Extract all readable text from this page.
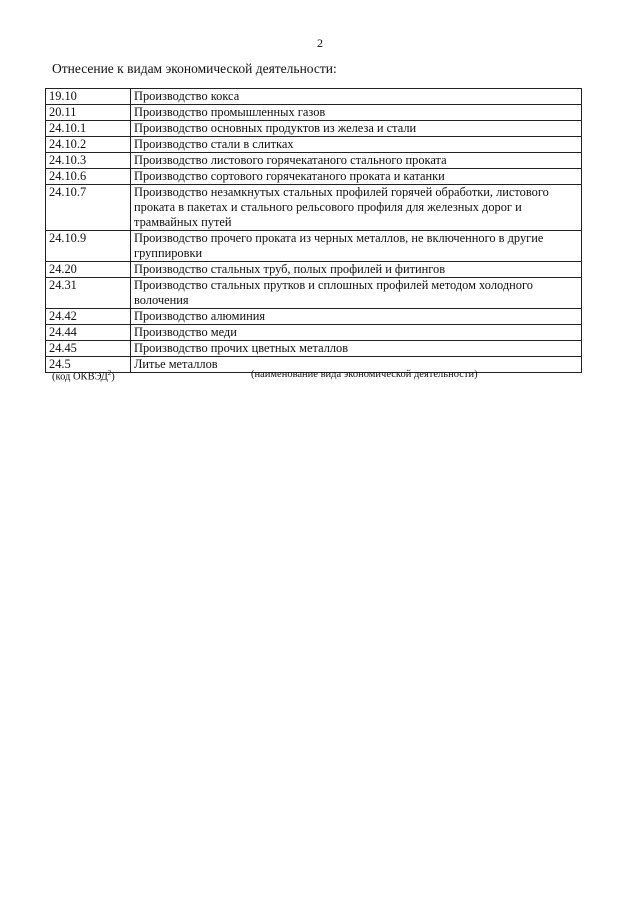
2
Отнесение к видам экономической деятельности:
19.10	Производство кокса
20.11	Производство промышленных газов
24.10.1	Производство основных продуктов из железа и стали
24.10.2	Производство стали в слитках
24.10.3	Производство листового горячекатаного стального проката
24.10.6	Производство сортового горячекатаного проката и катанки
24.10.7	Производство незамкнутых стальных профилей горячей обработки, листового проката в пакетах и стального рельсового профиля для железных дорог и трамвайных путей
24.10.9	Производство прочего проката из черных металлов, не включенного в другие группировки
24.20	Производство стальных труб, полых профилей и фитингов
24.31	Производство стальных прутков и сплошных профилей методом холодного волочения
24.42	Производство алюминия
24.44	Производство меди
24.45	Производство прочих цветных металлов
24.5	Литье металлов
(код ОКВЭД$^2$)	(наименование вида экономической деятельности)
